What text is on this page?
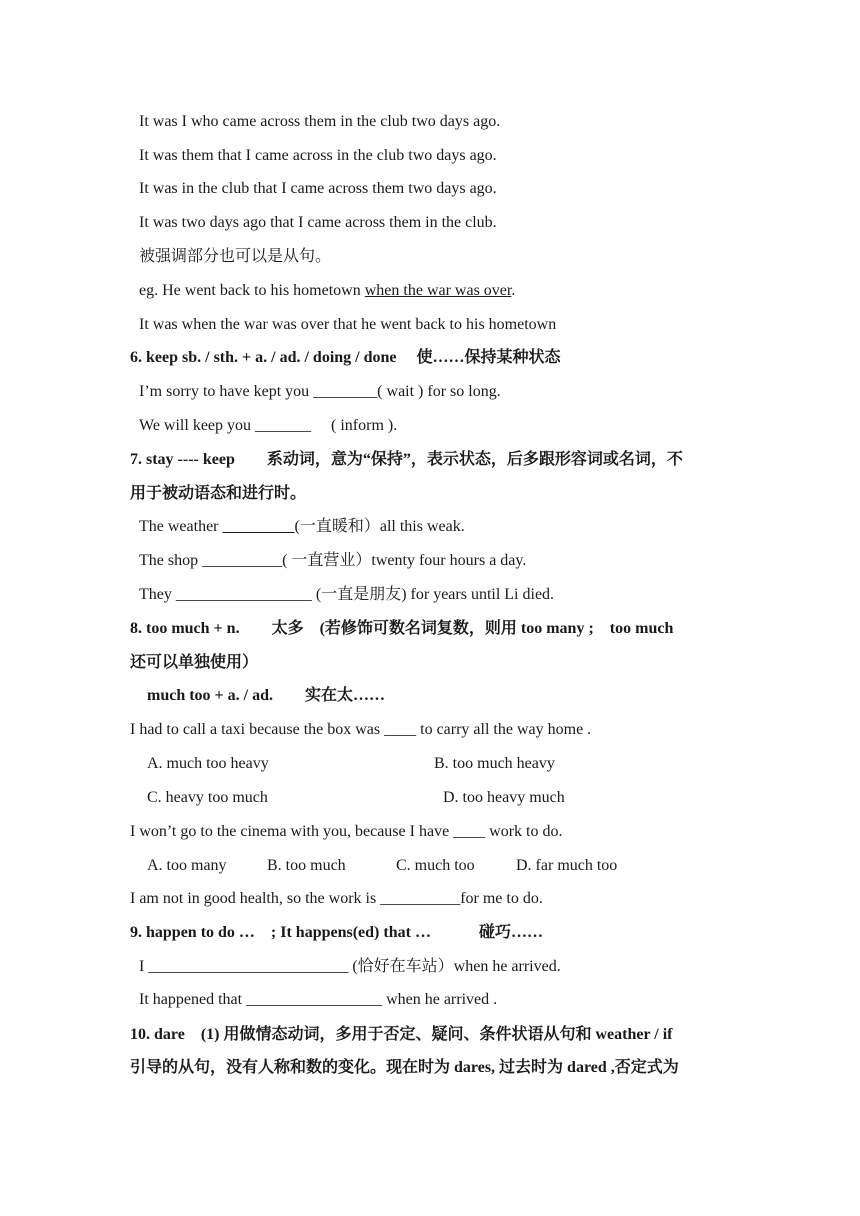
It was I who came across them in the club two days ago.
It was them that I came across in the club two days ago.
It was in the club that I came across them two days ago.
It was two days ago that I came across them in the club.
被强调部分也可以是从句。
eg. He went back to his hometown when the war was over.
It was when the war was over that he went back to his hometown
6. keep sb. / sth. + a. / ad. / doing / done　 使……保持某种状态
I’m sorry to have kept you ________( wait ) for so long.
We will keep you _______　 ( inform ).
7. stay ---- keep　　系动词，意为“保持”，表示状态，后多跟形容词或名词，不
用于被动语态和进行时。
The weather _________(一直暖和）all this weak.
The shop __________( 一直营业）twenty four hours a day.
They _________________ (一直是朋友) for years until Li died.
8. too much + n.　　太多　(若修饰可数名词复数，则用 too many ;　too much
还可以单独使用）
much too + a. / ad.　　实在太……
I had to call a taxi because the box was ____ to carry all the way home .
A. much too heavy	B. too much heavy
C. heavy too much	D. too heavy much
I won’t go to the cinema with you, because I have ____ work to do.
A. too many	B. too much	C. much too	D. far much too
I am not in good health, so the work is __________for me to do.
9. happen to do …　; It happens(ed) that …　　　碰巧……
I _________________________ (恰好在车站）when he arrived.
It happened that _________________ when he arrived .
10. dare　(1) 用做情态动词，多用于否定、疑问、条件状语从句和 weather / if
引导的从句，没有人称和数的变化。现在时为 dares, 过去时为 dared ,否定式为
